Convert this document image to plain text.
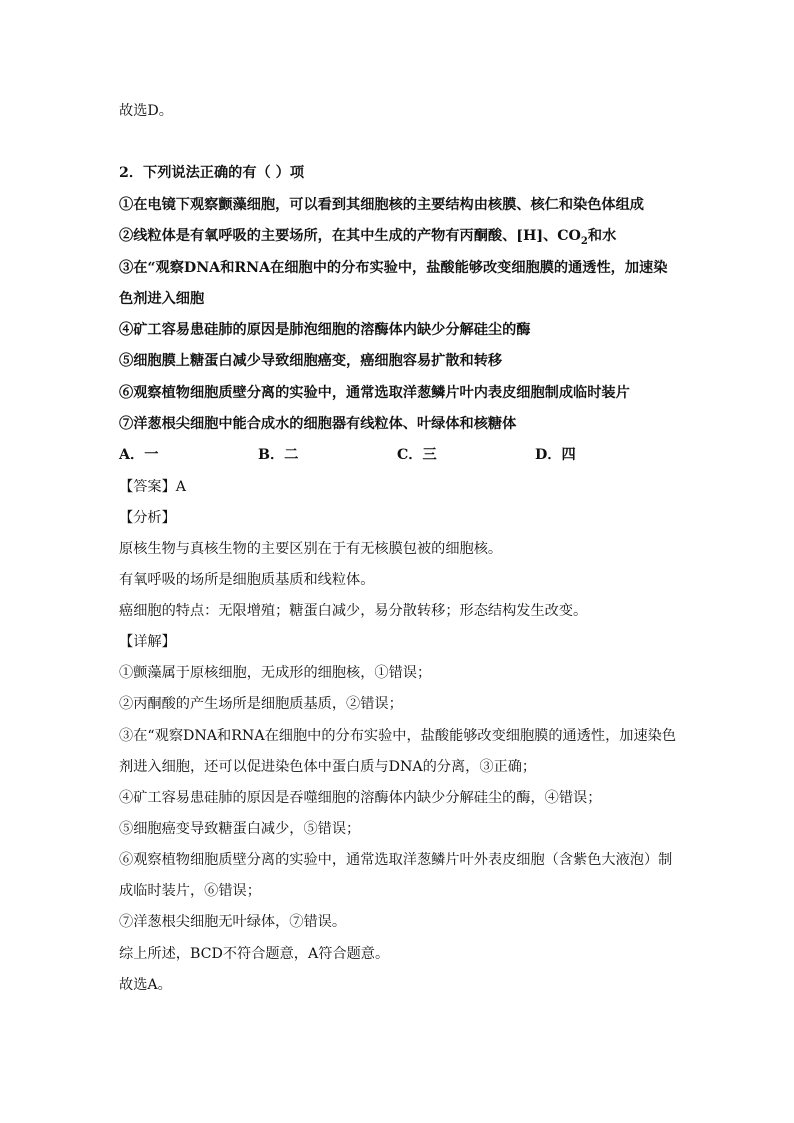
故选D。

2．下列说法正确的有（ ）项

①在电镜下观察颤藻细胞，可以看到其细胞核的主要结构由核膜、核仁和染色体组成

②线粒体是有氧呼吸的主要场所，在其中生成的产物有丙酮酸、[H]、$CO_2$和水

③在“观察DNA和RNA在细胞中的分布实验中，盐酸能够改变细胞膜的通透性，加速染

色剂进入细胞

④矿工容易患硅肺的原因是肺泡细胞的溶酶体内缺少分解硅尘的酶

⑤细胞膜上糖蛋白减少导致细胞癌变，癌细胞容易扩散和转移

⑥观察植物细胞质壁分离的实验中，通常选取洋葱鳞片叶内表皮细胞制成临时装片

⑦洋葱根尖细胞中能合成水的细胞器有线粒体、叶绿体和核糖体

A．一	B．二	C．三	D．四

【答案】A

【分析】

原核生物与真核生物的主要区别在于有无核膜包被的细胞核。

有氧呼吸的场所是细胞质基质和线粒体。

癌细胞的特点：无限增殖；糖蛋白减少，易分散转移；形态结构发生改变。

【详解】

①颤藻属于原核细胞，无成形的细胞核，①错误；

②丙酮酸的产生场所是细胞质基质，②错误；

③在“观察DNA和RNA在细胞中的分布实验中，盐酸能够改变细胞膜的通透性，加速染色

剂进入细胞，还可以促进染色体中蛋白质与DNA的分离，③正确；

④矿工容易患硅肺的原因是吞噬细胞的溶酶体内缺少分解硅尘的酶，④错误；

⑤细胞癌变导致糖蛋白减少，⑤错误；

⑥观察植物细胞质壁分离的实验中，通常选取洋葱鳞片叶外表皮细胞（含紫色大液泡）制

成临时装片，⑥错误；

⑦洋葱根尖细胞无叶绿体，⑦错误。

综上所述，BCD不符合题意，A符合题意。

故选A。
